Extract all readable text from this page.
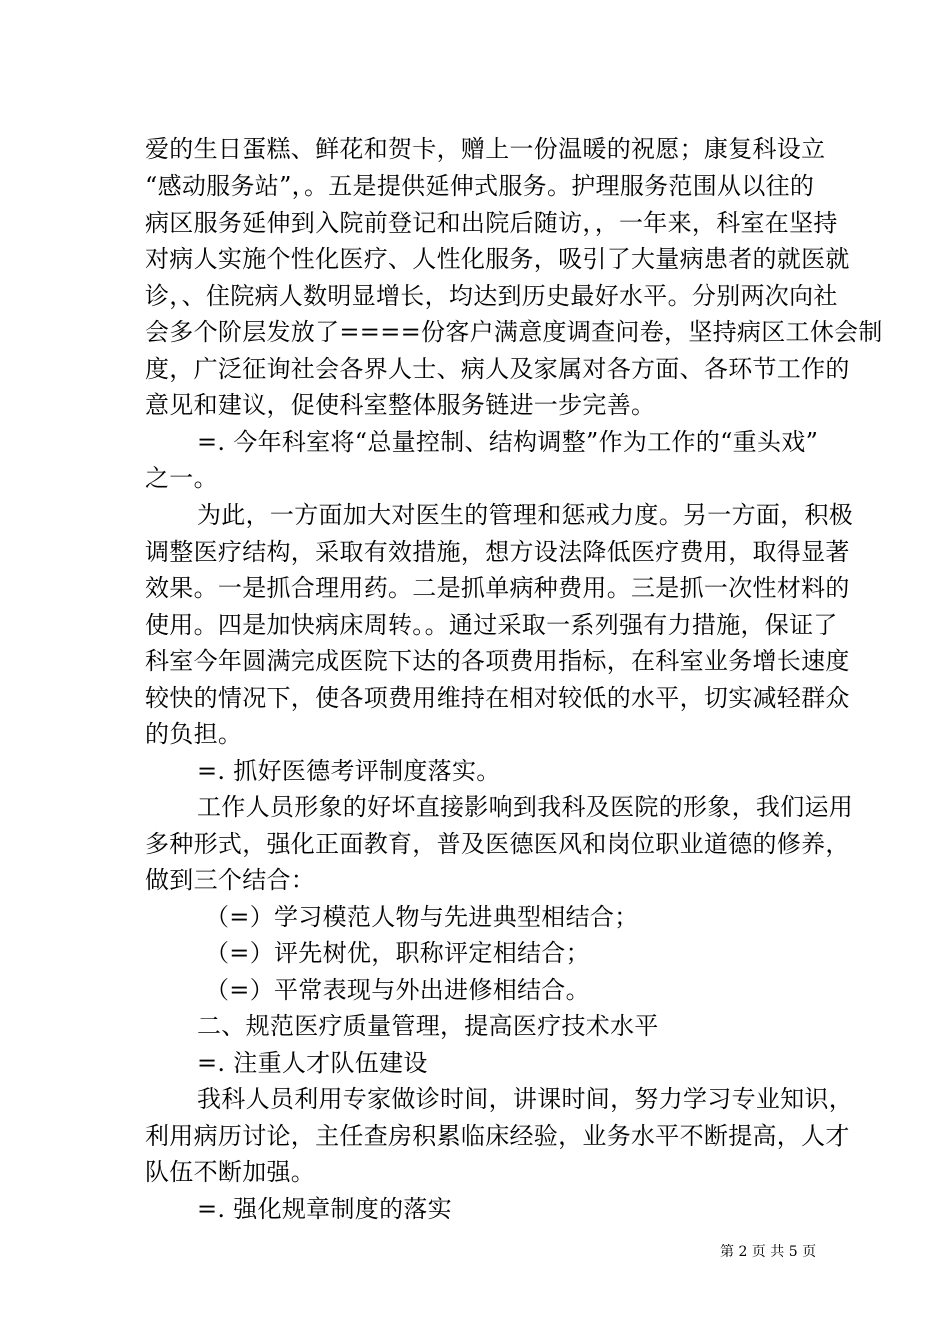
爱的生日蛋糕、鲜花和贺卡，赠上一份温暖的祝愿；康复科设立
“感动服务站”，。五是提供延伸式服务。护理服务范围从以往的
病区服务延伸到入院前登记和出院后随访，，一年来，科室在坚持
对病人实施个性化医疗、人性化服务，吸引了大量病患者的就医就
诊，、住院病人数明显增长，均达到历史最好水平。分别两次向社
会多个阶层发放了====份客户满意度调查问卷，坚持病区工休会制
度，广泛征询社会各界人士、病人及家属对各方面、各环节工作的
意见和建议，促使科室整体服务链进一步完善。
=. 今年科室将“总量控制、结构调整”作为工作的“重头戏”
之一。
为此，一方面加大对医生的管理和惩戒力度。另一方面，积极
调整医疗结构，采取有效措施，想方设法降低医疗费用，取得显著
效果。一是抓合理用药。二是抓单病种费用。三是抓一次性材料的
使用。四是加快病床周转。。通过采取一系列强有力措施，保证了
科室今年圆满完成医院下达的各项费用指标，在科室业务增长速度
较快的情况下，使各项费用维持在相对较低的水平，切实减轻群众
的负担。
=. 抓好医德考评制度落实。
工作人员形象的好坏直接影响到我科及医院的形象，我们运用
多种形式，强化正面教育，普及医德医风和岗位职业道德的修养，
做到三个结合：
（=）学习模范人物与先进典型相结合；
（=）评先树优，职称评定相结合；
（=）平常表现与外出进修相结合。
二、规范医疗质量管理，提高医疗技术水平
=. 注重人才队伍建设
我科人员利用专家做诊时间，讲课时间，努力学习专业知识，
利用病历讨论，主任查房积累临床经验，业务水平不断提高，人才
队伍不断加强。
=. 强化规章制度的落实
第 2 页 共 5 页
